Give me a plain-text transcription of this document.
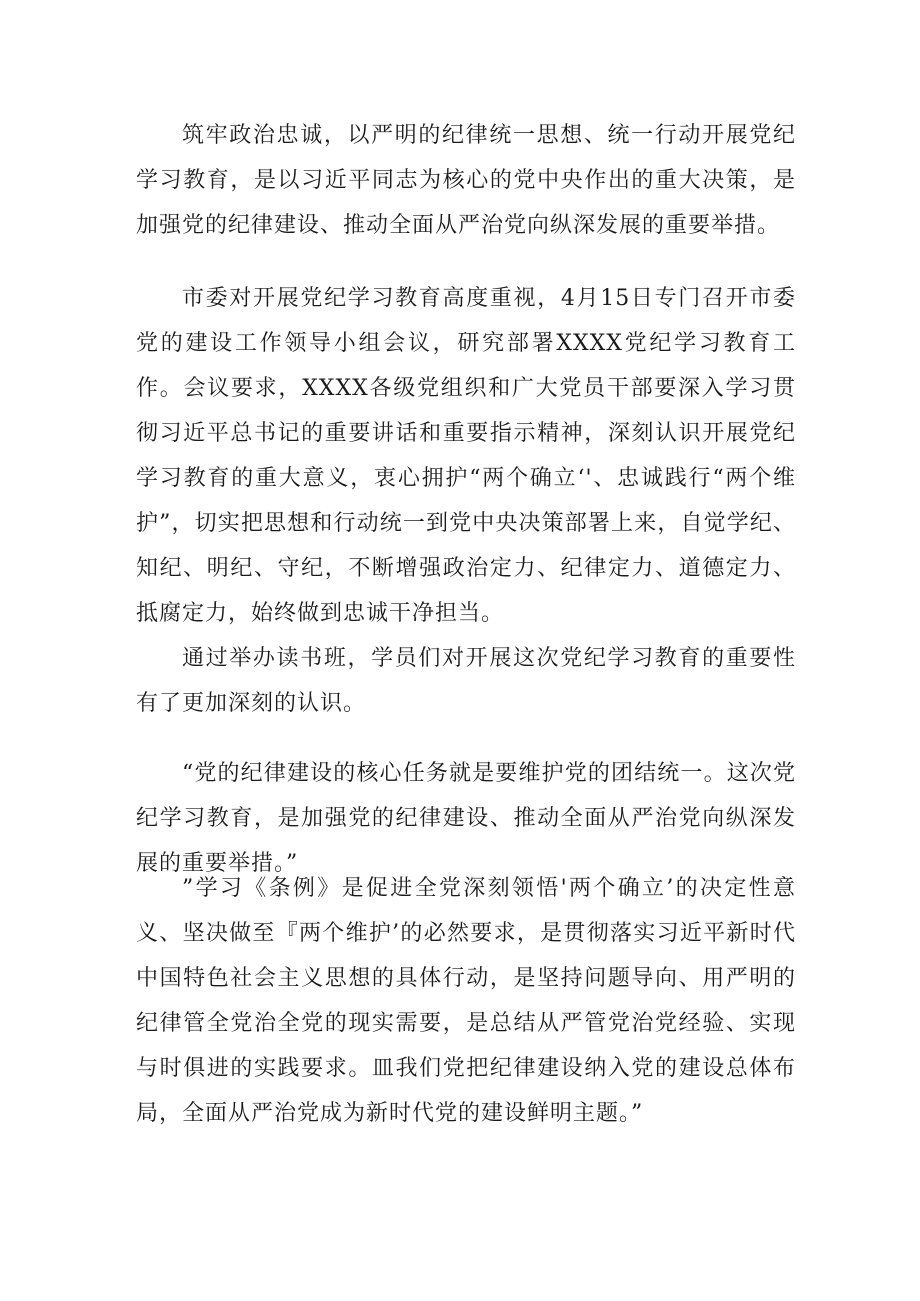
筑牢政治忠诚，以严明的纪律统一思想、统一行动开展党纪学习教育，是以习近平同志为核心的党中央作出的重大决策，是加强党的纪律建设、推动全面从严治党向纵深发展的重要举措。

市委对开展党纪学习教育高度重视，4月15日专门召开市委党的建设工作领导小组会议，研究部署XXXX党纪学习教育工作。会议要求，XXXX各级党组织和广大党员干部要深入学习贯彻习近平总书记的重要讲话和重要指示精神，深刻认识开展党纪学习教育的重大意义，衷心拥护“两个确立‘'、忠诚践行“两个维护”，切实把思想和行动统一到党中央决策部署上来，自觉学纪、知纪、明纪、守纪，不断增强政治定力、纪律定力、道德定力、抵腐定力，始终做到忠诚干净担当。

通过举办读书班，学员们对开展这次党纪学习教育的重要性有了更加深刻的认识。

“党的纪律建设的核心任务就是要维护党的团结统一。这次党纪学习教育，是加强党的纪律建设、推动全面从严治党向纵深发展的重要举措。”

”学习《条例》是促进全党深刻领悟'两个确立’的决定性意义、坚决做至『两个维护’的必然要求，是贯彻落实习近平新时代中国特色社会主义思想的具体行动，是坚持问题导向、用严明的纪律管全党治全党的现实需要，是总结从严管党治党经验、实现与时俱进的实践要求。皿我们党把纪律建设纳入党的建设总体布局，全面从严治党成为新时代党的建设鲜明主题。”
